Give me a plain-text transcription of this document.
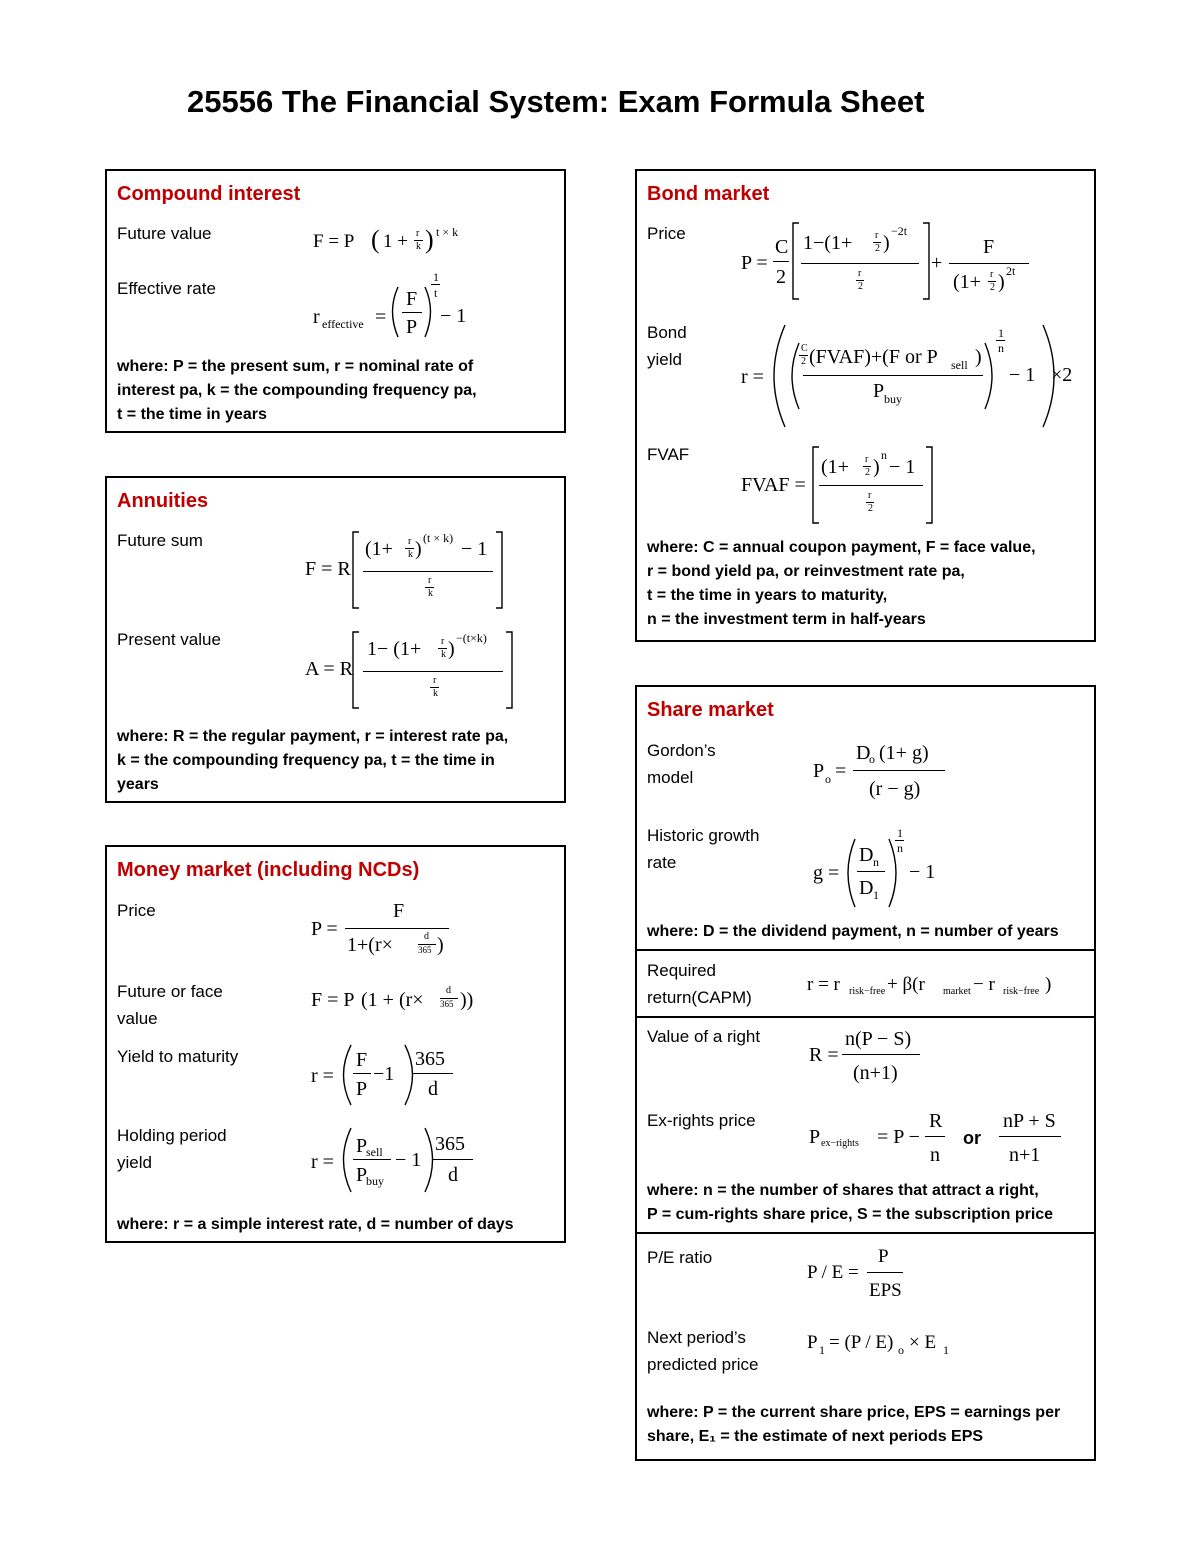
25556 The Financial System: Exam Formula Sheet
Compound interest
Future value
Effective rate
F = P ( 1 + r
k ) t × k
r effective =
F
P
1
t
− 1
where: P = the present sum, r = nominal rate of
interest pa, k = the compounding frequency pa,
t = the time in years
Annuities
Future sum
Present value
F = R
(1+ r
k ) (t × k) − 1
r
k
A = R
1− (1+ r
k ) −(t×k)
r
k
where: R = the regular payment, r = interest rate pa,
k = the compounding frequency pa, t = the time in
years
Money market (including NCDs)
Price
Future or face
value
Yield to maturity
Holding period
yield
P =
F
1+(r×	d
365 )
F = P (1 + (r× d
365 ))
r =
F
P
−1
365
d
r =
P
sell
P
buy
− 1
365
d
where: r = a simple interest rate, d = number of days
Bond market
Price
Bond
yield
FVAF
P =
C
2
1−(1+ r
2 )
−2t
r
2
+
F
(1+ r
2 ) 2t
r =
C
2 (FVAF)+(F or P sell )
P buy
1
n
− 1 ×2
FVAF =
(1+ r
2 )
n
− 1
r
2
where: C = annual coupon payment, F = face value,
r = bond yield pa, or reinvestment rate pa,
t = the time in years to maturity,
n = the investment term in half-years
Share market
Gordon’s
model
Historic growth
rate
P o =
D
o (1+ g)
(r − g)
g =
D n
D 1
1
n
− 1
where: D = the dividend payment, n = number of years
Required
return(CAPM)
r = r risk−free + β(r market − r risk−free )
Value of a right
Ex-rights price
R =
n(P − S)
(n+1)
P ex−rights = P −
R
n
or
nP + S
n+1
where: n = the number of shares that attract a right,
P = cum-rights share price, S = the subscription price
P/E ratio
Next period’s
predicted price
P / E =
P
EPS
P 1 = (P / E) o × E 1
where: P = the current share price, EPS = earnings per
share, E₁ = the estimate of next periods EPS
